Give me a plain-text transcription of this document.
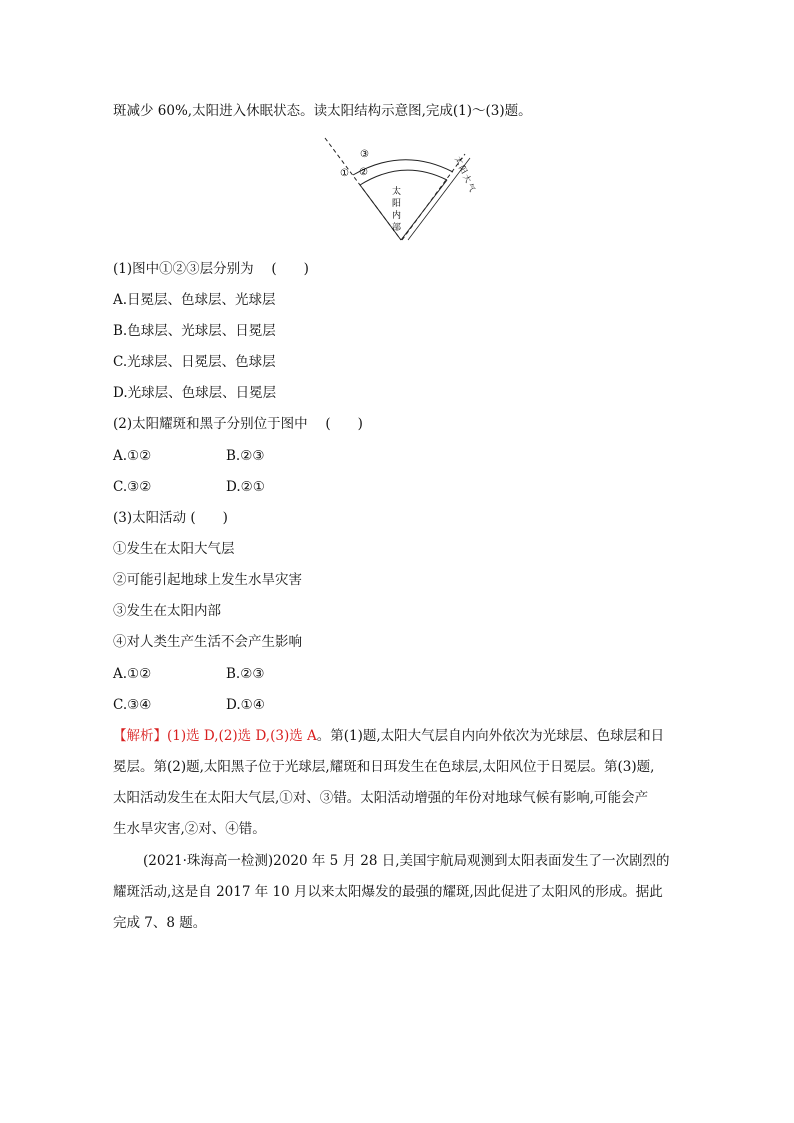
斑减少 60%,太阳进入休眠状态。读太阳结构示意图,完成(1)～(3)题。
① ②
③
太
阳
内
部
太
阳
大
气
(1)图中①②③层分别为　 (　　)
A.日冕层、色球层、光球层
B.色球层、光球层、日冕层
C.光球层、日冕层、色球层
D.光球层、色球层、日冕层
(2)太阳耀斑和黑子分别位于图中　 (　　)
A.①②	B.②③
C.③②	D.②①
(3)太阳活动 (　　)
①发生在太阳大气层
②可能引起地球上发生水旱灾害
③发生在太阳内部
④对人类生产生活不会产生影响
A.①②	B.②③
C.③④	D.①④
【解析】(1)选 D,(2)选 D,(3)选 A。第(1)题,太阳大气层自内向外依次为光球层、色球层和日
冕层。第(2)题,太阳黑子位于光球层,耀斑和日珥发生在色球层,太阳风位于日冕层。第(3)题,
太阳活动发生在太阳大气层,①对、③错。太阳活动增强的年份对地球气候有影响,可能会产
生水旱灾害,②对、④错。
(2021·珠海高一检测)2020 年 5 月 28 日,美国宇航局观测到太阳表面发生了一次剧烈的
耀斑活动,这是自 2017 年 10 月以来太阳爆发的最强的耀斑,因此促进了太阳风的形成。据此
完成 7、8 题。
